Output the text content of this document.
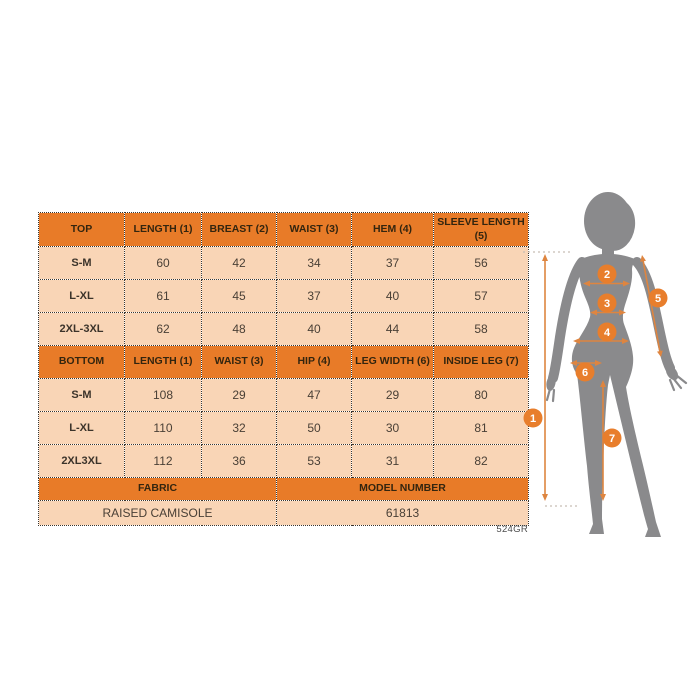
TOP	LENGTH (1)	BREAST (2)	WAIST (3)	HEM (4)	SLEEVE LENGTH (5)
S-M	60	42	34	37	56
L-XL	61	45	37	40	57
2XL-3XL	62	48	40	44	58
BOTTOM	LENGTH (1)	WAIST (3)	HIP (4)	LEG WIDTH (6)	INSIDE LEG (7)
S-M	108	29	47	29	80
L-XL	110	32	50	30	81
2XL3XL	112	36	53	31	82
FABRIC			MODEL NUMBER		
RAISED CAMISOLE			61813		
524GR
1
2
3
4
5
6
7
